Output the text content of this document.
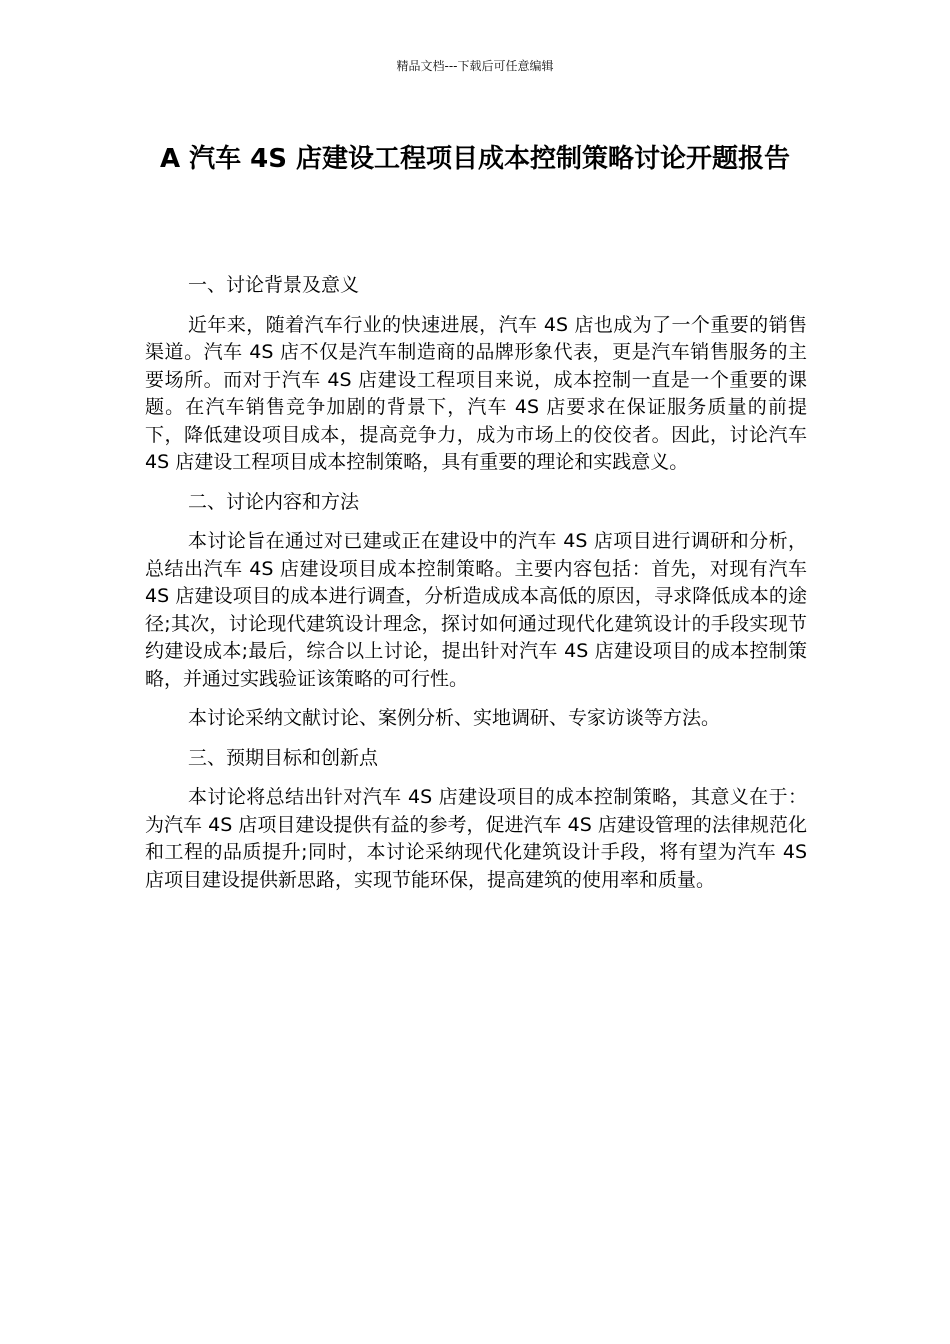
精品文档---下载后可任意编辑
A 汽车 4S 店建设工程项目成本控制策略讨论开题报告

一、讨论背景及意义

近年来，随着汽车行业的快速进展，汽车 4S 店也成为了一个重要的销售渠道。汽车 4S 店不仅是汽车制造商的品牌形象代表，更是汽车销售服务的主要场所。而对于汽车 4S 店建设工程项目来说，成本控制一直是一个重要的课题。在汽车销售竞争加剧的背景下，汽车 4S 店要求在保证服务质量的前提下，降低建设项目成本，提高竞争力，成为市场上的佼佼者。因此，讨论汽车 4S 店建设工程项目成本控制策略，具有重要的理论和实践意义。

二、讨论内容和方法

本讨论旨在通过对已建或正在建设中的汽车 4S 店项目进行调研和分析，总结出汽车 4S 店建设项目成本控制策略。主要内容包括：首先，对现有汽车 4S 店建设项目的成本进行调查，分析造成成本高低的原因，寻求降低成本的途径;其次，讨论现代建筑设计理念，探讨如何通过现代化建筑设计的手段实现节约建设成本;最后，综合以上讨论，提出针对汽车 4S 店建设项目的成本控制策略，并通过实践验证该策略的可行性。

本讨论采纳文献讨论、案例分析、实地调研、专家访谈等方法。

三、预期目标和创新点

本讨论将总结出针对汽车 4S 店建设项目的成本控制策略，其意义在于：为汽车 4S 店项目建设提供有益的参考，促进汽车 4S 店建设管理的法律规范化和工程的品质提升;同时，本讨论采纳现代化建筑设计手段，将有望为汽车 4S 店项目建设提供新思路，实现节能环保，提高建筑的使用率和质量。
